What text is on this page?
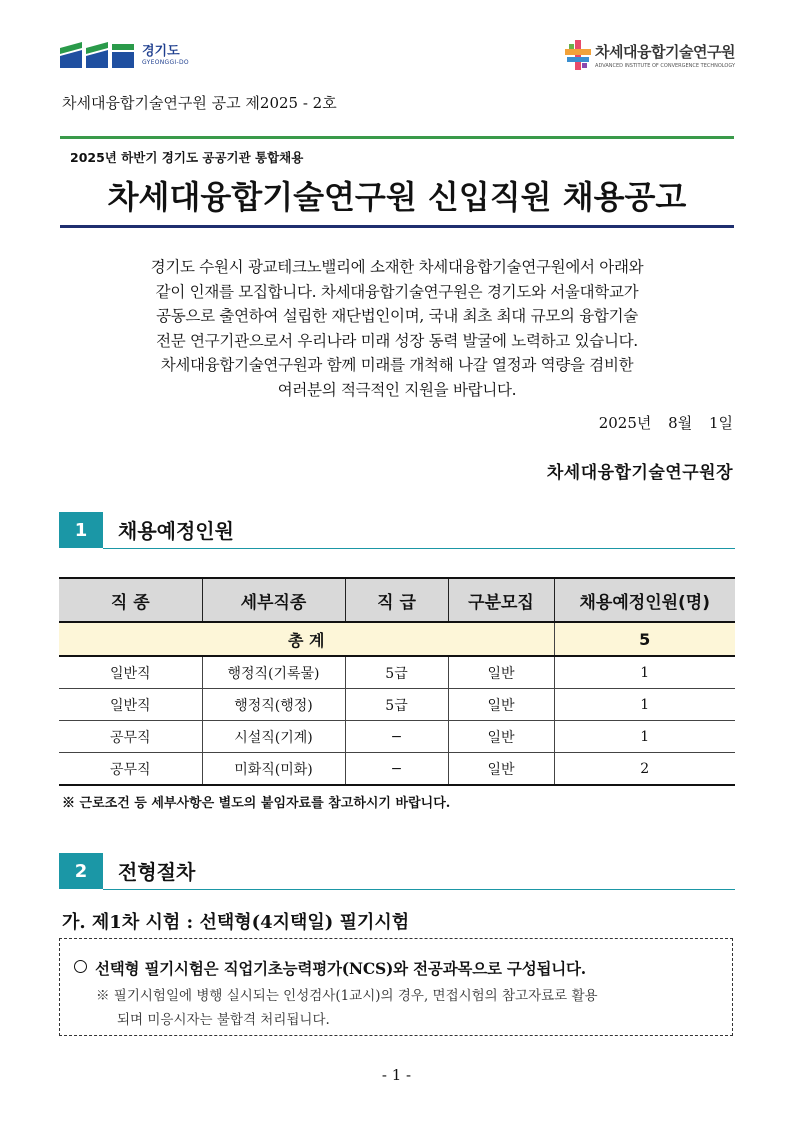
경기도
GYEONGGI-DO
차세대융합기술연구원
ADVANCED INSTITUTE OF CONVERGENCE TECHNOLOGY
차세대융합기술연구원 공고 제2025 - 2호
2025년 하반기 경기도 공공기관 통합채용
차세대융합기술연구원 신입직원 채용공고

경기도 수원시 광교테크노밸리에 소재한 차세대융합기술연구원에서 아래와

같이 인재를 모집합니다. 차세대융합기술연구원은 경기도와 서울대학교가

공동으로 출연하여 설립한 재단법인이며, 국내 최초 최대 규모의 융합기술

전문 연구기관으로서 우리나라 미래 성장 동력 발굴에 노력하고 있습니다.

차세대융합기술연구원과 함께 미래를 개척해 나갈 열정과 역량을 겸비한

여러분의 적극적인 지원을 바랍니다.

2025년 8월 1일
차세대융합기술연구원장
1	채용예정인원
직 종	세부직종	직 급	구분모집	채용예정인원(명)
총 계				5
일반직	행정직(기록물)	5급	일반	1
일반직	행정직(행정)	5급	일반	1
공무직	시설직(기계)	−	일반	1
공무직	미화직(미화)	−	일반	2
※ 근로조건 등 세부사항은 별도의 붙임자료를 참고하시기 바랍니다.
2	전형절차
가. 제1차 시험 : 선택형(4지택일) 필기시험
선택형 필기시험은 직업기초능력평가(NCS)와 전공과목으로 구성됩니다.
※ 필기시험일에 병행 실시되는 인성검사(1교시)의 경우, 면접시험의 참고자료로 활용
되며 미응시자는 불합격 처리됩니다.
- 1 -
